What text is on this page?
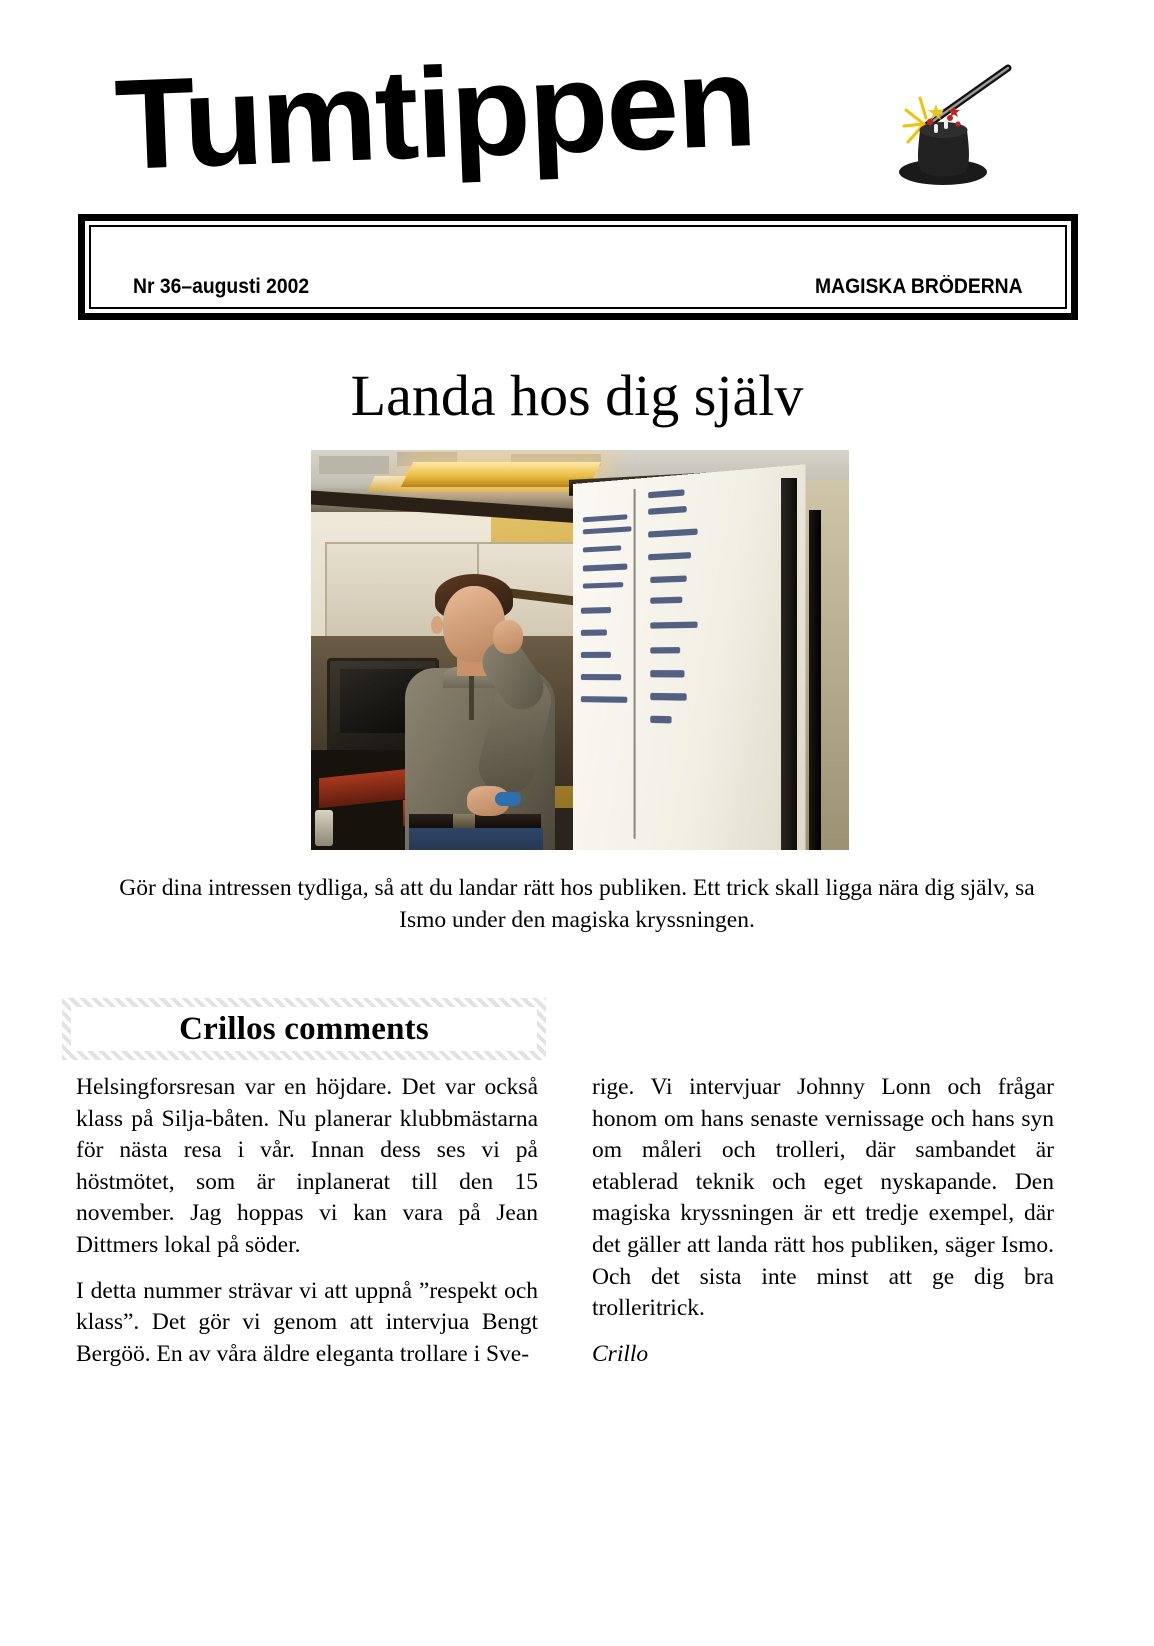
Tumtippen
Nr 36–augusti 2002	MAGISKA BRÖDERNA
Landa hos dig själv
Gör dina intressen tydliga, så att du landar rätt hos publiken. Ett trick skall ligga nära dig själv, sa Ismo under den magiska kryssningen.
Crillos comments

Helsingforsresan var en höjdare. Det var också klass på Silja-båten. Nu planerar klubbmästarna för nästa resa i vår. Innan dess ses vi på höstmötet, som är inplanerat till den 15 november. Jag hoppas vi kan vara på Jean Dittmers lokal på söder.

I detta nummer strävar vi att uppnå ”respekt och klass”. Det gör vi genom att intervjua Bengt Bergöö. En av våra äldre eleganta trollare i Sve-

rige. Vi intervjuar Johnny Lonn och frågar honom om hans senaste vernissage och hans syn om måleri och trolleri, där sambandet är etablerad teknik och eget nyskapande. Den magiska kryssningen är ett tredje exempel, där det gäller att landa rätt hos publiken, säger Ismo. Och det sista inte minst att ge dig bra trolleritrick.

Crillo
